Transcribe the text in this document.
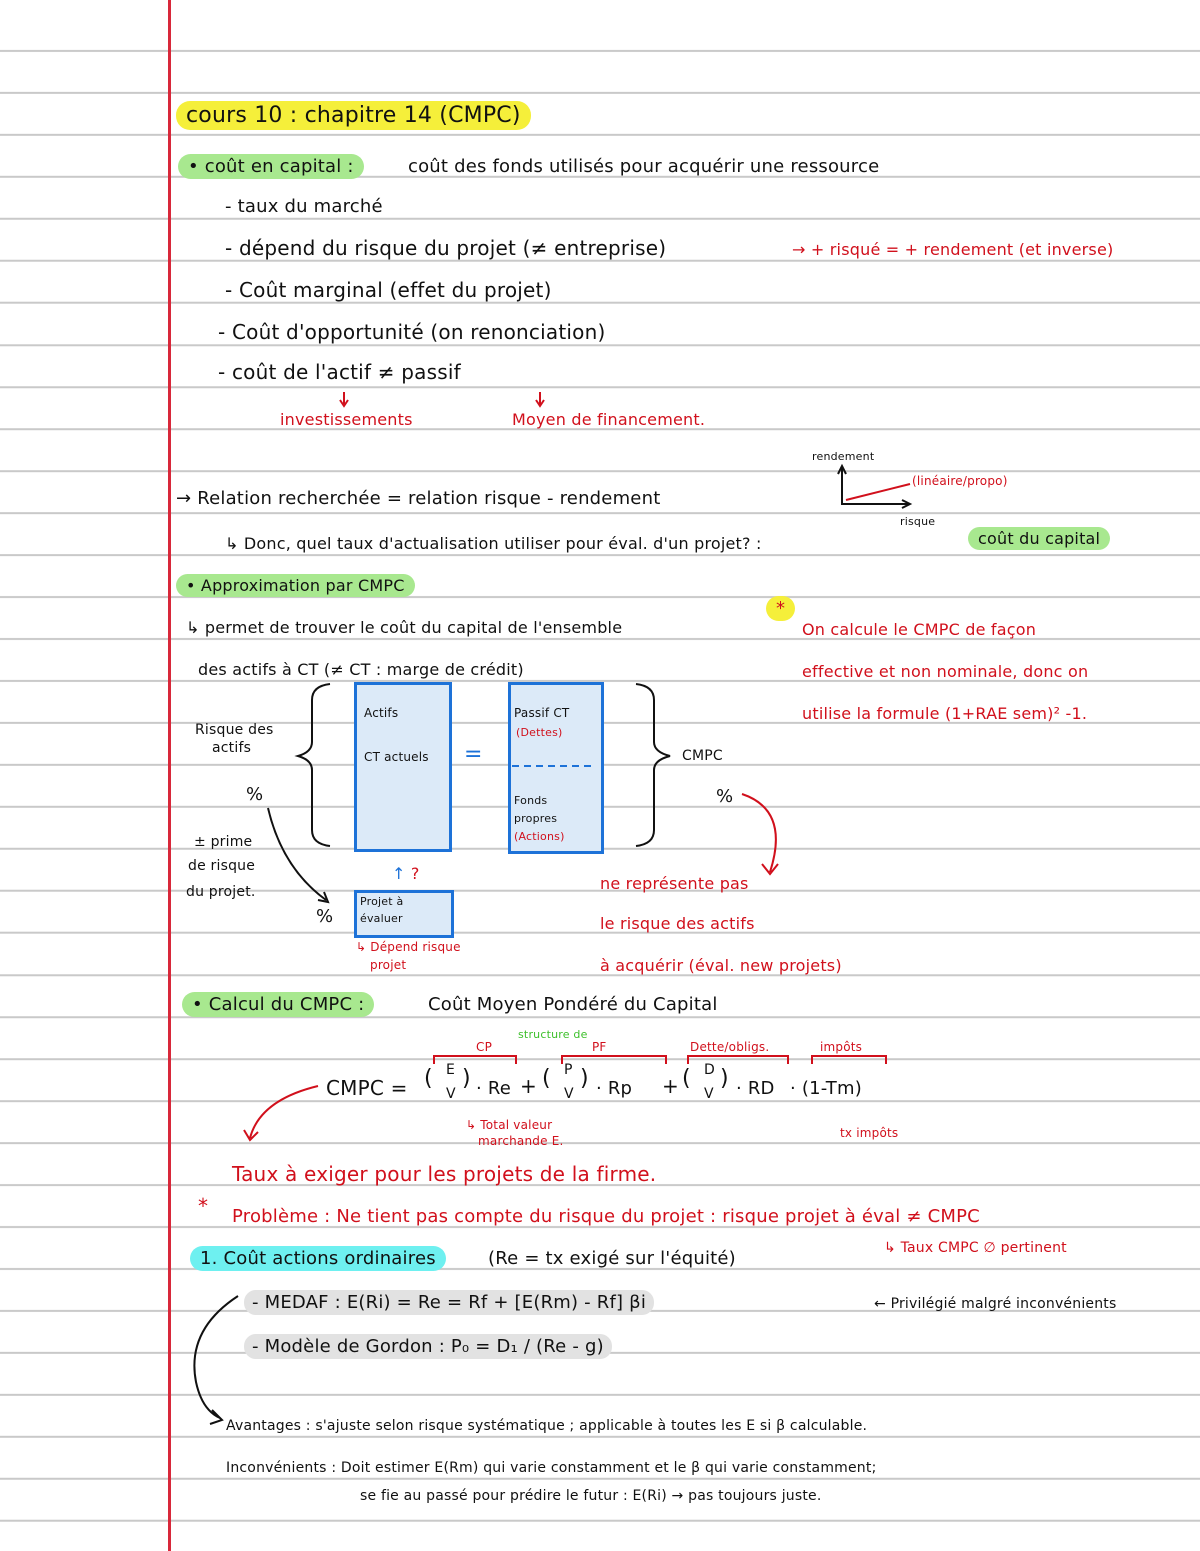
cours 10 : chapitre 14 (CMPC)
• coût en capital :	coût des fonds utilisés pour acquérir une ressource
- taux du marché
- dépend du risque du projet (≠ entreprise)	→ + risqué = + rendement (et inverse)
- Coût marginal (effet du projet)
- Coût d'opportunité (on renonciation)
- coût de l'actif ≠ passif
investissements	Moyen de financement.
rendement
(linéaire/propo)
risque
→ Relation recherchée = relation risque - rendement
↳ Donc, quel taux d'actualisation utiliser pour éval. d'un projet? :	coût du capital
• Approximation par CMPC
↳ permet de trouver le coût du capital de l'ensemble
des actifs à CT (≠ CT : marge de crédit)
Risque des
actifs
%
± prime
de risque
du projet.
%
Actifs
CT actuels =
Passif CT
(Dettes)
Fonds
propres
(Actions)
↑ ?
Projet à
évaluer
↳ Dépend risque
projet
CMPC
%
ne représente pas
le risque des actifs
à acquérir (éval. new projets)
*
On calcule le CMPC de façon
effective et non nominale, donc on
utilise la formule (1+RAE sem)² -1.
• Calcul du CMPC :	Coût Moyen Pondéré du Capital
CP
structure de
PF	Dette/obligs.	impôts
CMPC = ( E
V
) · Re + ( P
V
) · Rp + ( D
V
) · RD · (1-Tm)
↳ Total valeur
marchande E.
tx impôts
Taux à exiger pour les projets de la firme.
* Problème : Ne tient pas compte du risque du projet : risque projet à éval ≠ CMPC
↳ Taux CMPC ∅ pertinent
1. Coût actions ordinaires	(Re = tx exigé sur l'équité)
- MEDAF : E(Ri) = Re = Rf + [E(Rm) - Rf] βi	← Privilégié malgré inconvénients
- Modèle de Gordon : P₀ = D₁ / (Re - g)
Avantages : s'ajuste selon risque systématique ; applicable à toutes les E si β calculable.
Inconvénients : Doit estimer E(Rm) qui varie constamment et le β qui varie constamment;
se fie au passé pour prédire le futur : E(Ri) → pas toujours juste.
